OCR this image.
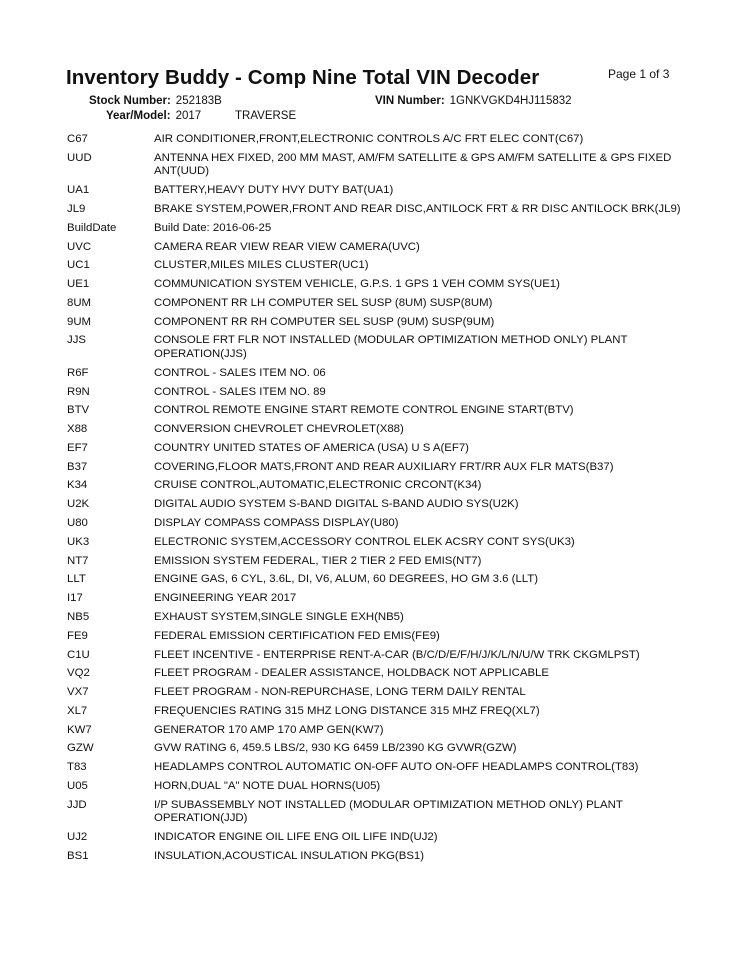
Inventory Buddy - Comp Nine Total VIN Decoder	Page 1 of 3
Stock Number: 252183B	VIN Number: 1GNKVGKD4HJ115832
Year/Model: 2017	TRAVERSE
C67	AIR CONDITIONER,FRONT,ELECTRONIC CONTROLS A/C FRT ELEC CONT(C67)
UUD	ANTENNA HEX FIXED, 200 MM MAST, AM/FM SATELLITE & GPS AM/FM SATELLITE & GPS FIXED ANT(UUD)
UA1	BATTERY,HEAVY DUTY HVY DUTY BAT(UA1)
JL9	BRAKE SYSTEM,POWER,FRONT AND REAR DISC,ANTILOCK FRT & RR DISC ANTILOCK BRK(JL9)
BuildDate	Build Date: 2016-06-25
UVC	CAMERA REAR VIEW REAR VIEW CAMERA(UVC)
UC1	CLUSTER,MILES MILES CLUSTER(UC1)
UE1	COMMUNICATION SYSTEM VEHICLE, G.P.S. 1 GPS 1 VEH COMM SYS(UE1)
8UM	COMPONENT RR LH COMPUTER SEL SUSP (8UM) SUSP(8UM)
9UM	COMPONENT RR RH COMPUTER SEL SUSP (9UM) SUSP(9UM)
JJS	CONSOLE FRT FLR NOT INSTALLED (MODULAR OPTIMIZATION METHOD ONLY) PLANT OPERATION(JJS)
R6F	CONTROL - SALES ITEM NO. 06
R9N	CONTROL - SALES ITEM NO. 89
BTV	CONTROL REMOTE ENGINE START REMOTE CONTROL ENGINE START(BTV)
X88	CONVERSION CHEVROLET CHEVROLET(X88)
EF7	COUNTRY UNITED STATES OF AMERICA (USA) U S A(EF7)
B37	COVERING,FLOOR MATS,FRONT AND REAR AUXILIARY FRT/RR AUX FLR MATS(B37)
K34	CRUISE CONTROL,AUTOMATIC,ELECTRONIC CRCONT(K34)
U2K	DIGITAL AUDIO SYSTEM S-BAND DIGITAL S-BAND AUDIO SYS(U2K)
U80	DISPLAY COMPASS COMPASS DISPLAY(U80)
UK3	ELECTRONIC SYSTEM,ACCESSORY CONTROL ELEK ACSRY CONT SYS(UK3)
NT7	EMISSION SYSTEM FEDERAL, TIER 2 TIER 2 FED EMIS(NT7)
LLT	ENGINE GAS, 6 CYL, 3.6L, DI, V6, ALUM, 60 DEGREES, HO GM 3.6 (LLT)
I17	ENGINEERING YEAR 2017
NB5	EXHAUST SYSTEM,SINGLE SINGLE EXH(NB5)
FE9	FEDERAL EMISSION CERTIFICATION FED EMIS(FE9)
C1U	FLEET INCENTIVE - ENTERPRISE RENT-A-CAR (B/C/D/E/F/H/J/K/L/N/U/W TRK CKGMLPST)
VQ2	FLEET PROGRAM - DEALER ASSISTANCE, HOLDBACK NOT APPLICABLE
VX7	FLEET PROGRAM - NON-REPURCHASE, LONG TERM DAILY RENTAL
XL7	FREQUENCIES RATING 315 MHZ LONG DISTANCE 315 MHZ FREQ(XL7)
KW7	GENERATOR 170 AMP 170 AMP GEN(KW7)
GZW	GVW RATING 6, 459.5 LBS/2, 930 KG 6459 LB/2390 KG GVWR(GZW)
T83	HEADLAMPS CONTROL AUTOMATIC ON-OFF AUTO ON-OFF HEADLAMPS CONTROL(T83)
U05	HORN,DUAL "A" NOTE DUAL HORNS(U05)
JJD	I/P SUBASSEMBLY NOT INSTALLED (MODULAR OPTIMIZATION METHOD ONLY) PLANT OPERATION(JJD)
UJ2	INDICATOR ENGINE OIL LIFE ENG OIL LIFE IND(UJ2)
BS1	INSULATION,ACOUSTICAL INSULATION PKG(BS1)
